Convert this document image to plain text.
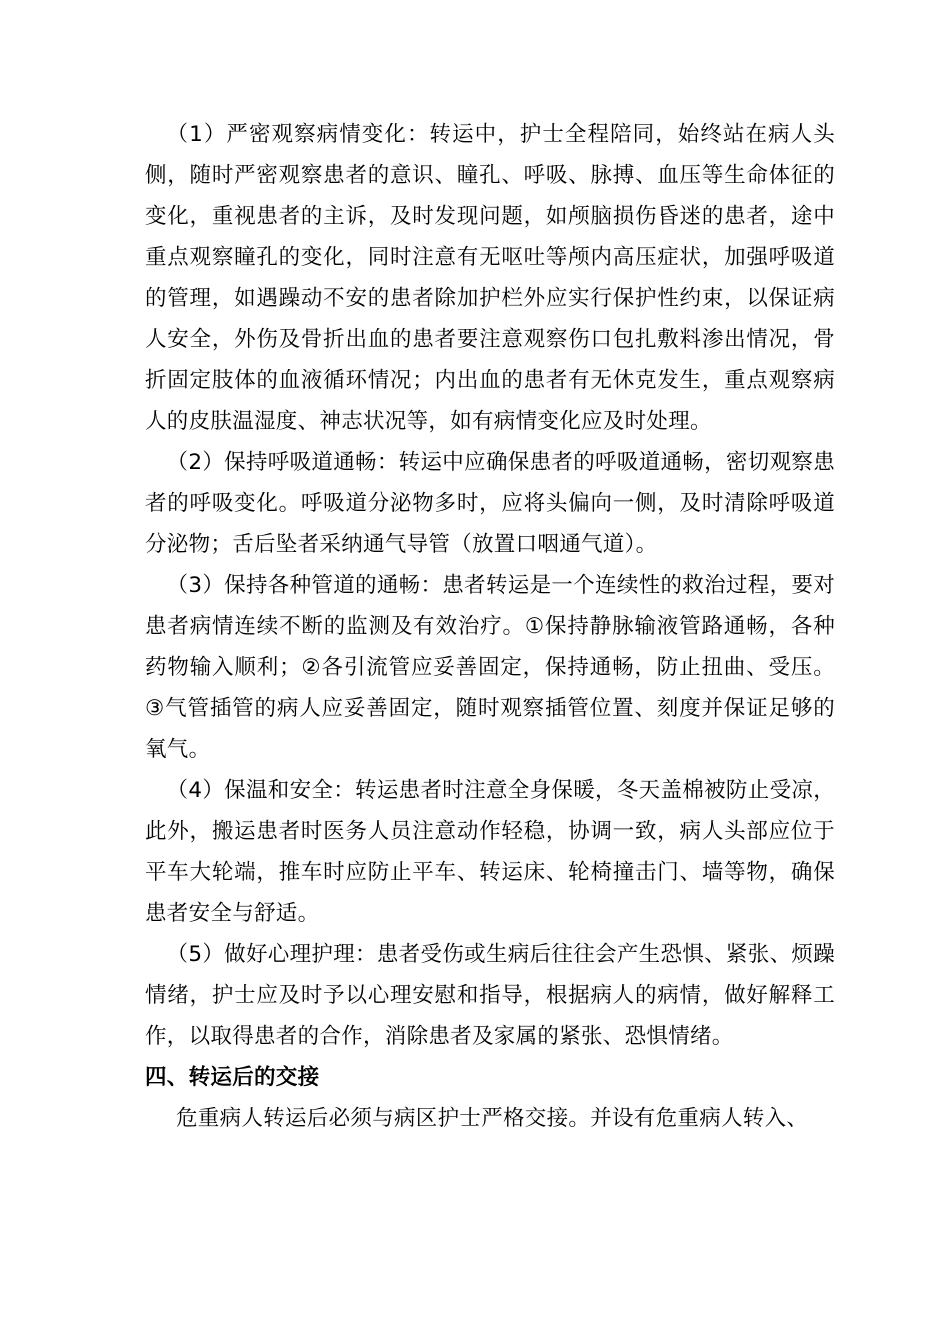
（1）严密观察病情变化：转运中，护士全程陪同，始终站在病人头侧，随时严密观察患者的意识、瞳孔、呼吸、脉搏、血压等生命体征的变化，重视患者的主诉，及时发现问题，如颅脑损伤昏迷的患者，途中重点观察瞳孔的变化，同时注意有无呕吐等颅内高压症状，加强呼吸道的管理，如遇躁动不安的患者除加护栏外应实行保护性约束，以保证病人安全，外伤及骨折出血的患者要注意观察伤口包扎敷料渗出情况，骨折固定肢体的血液循环情况；内出血的患者有无休克发生，重点观察病人的皮肤温湿度、神志状况等，如有病情变化应及时处理。

（2）保持呼吸道通畅：转运中应确保患者的呼吸道通畅，密切观察患者的呼吸变化。呼吸道分泌物多时，应将头偏向一侧，及时清除呼吸道分泌物；舌后坠者采纳通气导管（放置口咽通气道）。

（3）保持各种管道的通畅：患者转运是一个连续性的救治过程，要对患者病情连续不断的监测及有效治疗。①保持静脉输液管路通畅，各种药物输入顺利；②各引流管应妥善固定，保持通畅，防止扭曲、受压。③气管插管的病人应妥善固定，随时观察插管位置、刻度并保证足够的氧气。

（4）保温和安全：转运患者时注意全身保暖，冬天盖棉被防止受凉，此外，搬运患者时医务人员注意动作轻稳，协调一致，病人头部应位于平车大轮端，推车时应防止平车、转运床、轮椅撞击门、墙等物，确保患者安全与舒适。

（5）做好心理护理：患者受伤或生病后往往会产生恐惧、紧张、烦躁情绪，护士应及时予以心理安慰和指导，根据病人的病情，做好解释工作，以取得患者的合作，消除患者及家属的紧张、恐惧情绪。

四、转运后的交接

危重病人转运后必须与病区护士严格交接。并设有危重病人转入、
